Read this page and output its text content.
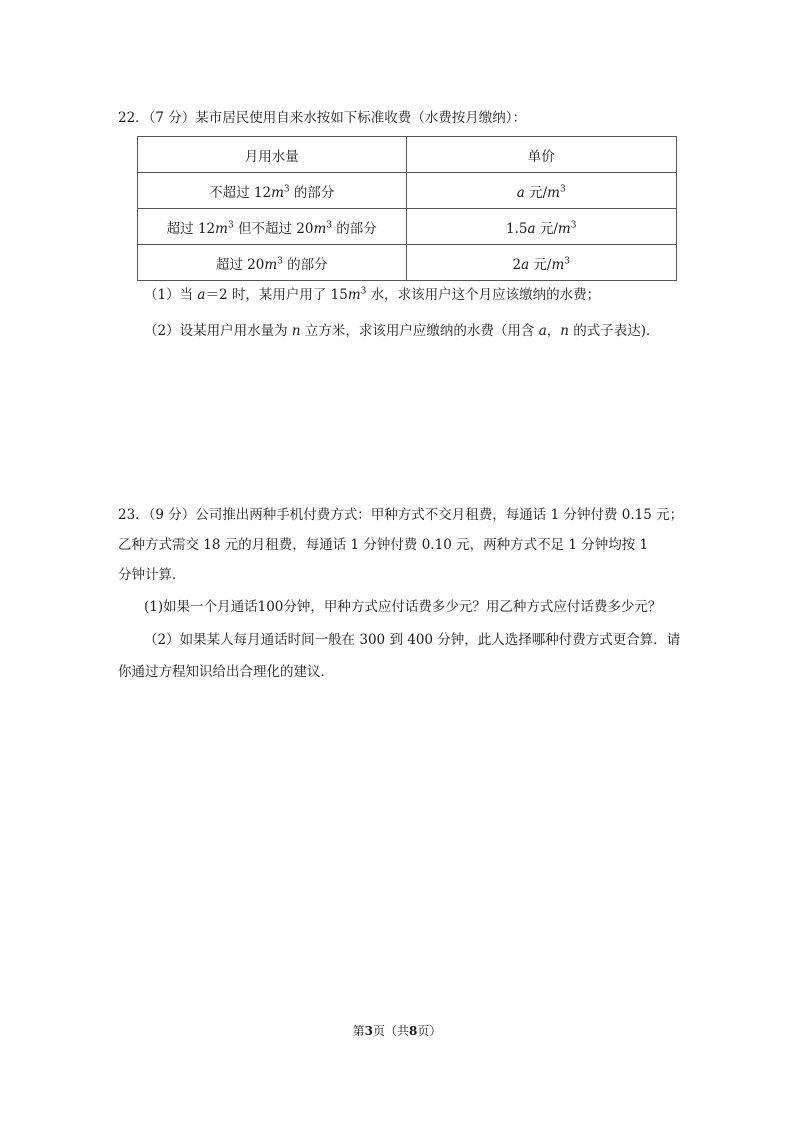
22．（7 分）某市居民使用自来水按如下标准收费（水费按月缴纳）：
月用水量	单价
不超过 $12m^3$ 的部分	a 元$/m^3$
超过 $12m^3$ 但不超过 $20m^3$ 的部分	1.5a 元$/m^3$
超过 $20m^3$ 的部分	2a 元$/m^3$
（1）当 a＝2 时，某用户用了 $15m^3$ 水，求该用户这个月应该缴纳的水费；
（2）设某用户用水量为 n 立方米，求该用户应缴纳的水费（用含 a，n 的式子表达)．
23．（9 分）公司推出两种手机付费方式：甲种方式不交月租费，每通话 1 分钟付费 0.15 元；
乙种方式需交 18 元的月租费，每通话 1 分钟付费 0.10 元，两种方式不足 1 分钟均按 1
分钟计算．
(1)如果一个月通话100分钟，甲种方式应付话费多少元？用乙种方式应付话费多少元？
（2）如果某人每月通话时间一般在 300 到 400 分钟，此人选择哪种付费方式更合算．请
你通过方程知识给出合理化的建议．
第3页（共8页）
